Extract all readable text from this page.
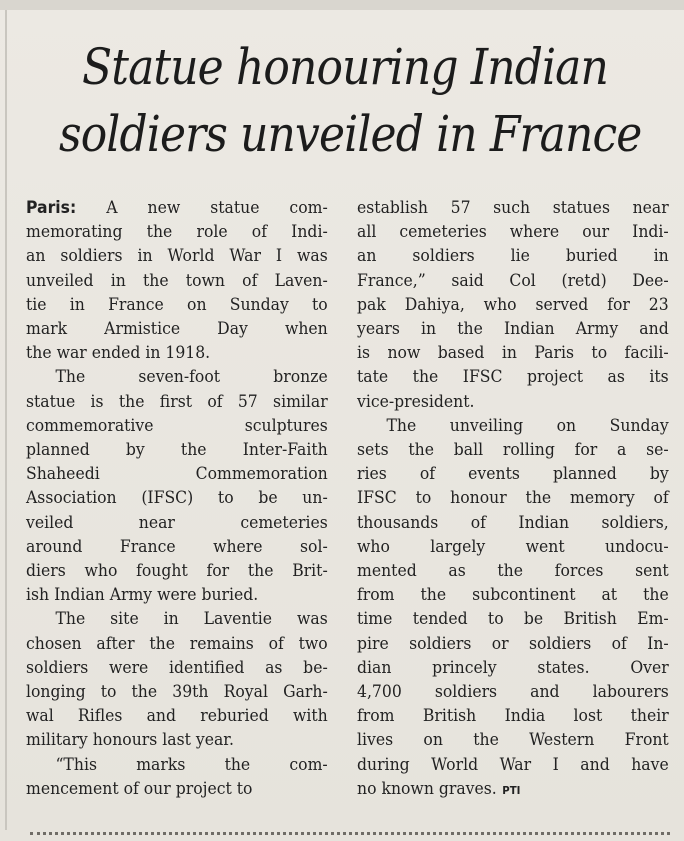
Statue honouring Indian
soldiers unveiled in France
Paris: A new statue com-
memorating the role of Indi-
an soldiers in World War I was
unveiled in the town of Laven-
tie in France on Sunday to
mark Armistice Day when
the war ended in 1918.
The seven-foot bronze
statue is the first of 57 similar
commemorative sculptures
planned by the Inter-Faith
Shaheedi Commemoration
Association (IFSC) to be un-
veiled near cemeteries
around France where sol-
diers who fought for the Brit-
ish Indian Army were buried.
The site in Laventie was
chosen after the remains of two
soldiers were identified as be-
longing to the 39th Royal Garh-
wal Rifles and reburied with
military honours last year.
“This marks the com-
mencement of our project to
establish 57 such statues near
all cemeteries where our Indi-
an soldiers lie buried in
France,” said Col (retd) Dee-
pak Dahiya, who served for 23
years in the Indian Army and
is now based in Paris to facili-
tate the IFSC project as its
vice-president.
The unveiling on Sunday
sets the ball rolling for a se-
ries of events planned by
IFSC to honour the memory of
thousands of Indian soldiers,
who largely went undocu-
mented as the forces sent
from the subcontinent at the
time tended to be British Em-
pire soldiers or soldiers of In-
dian princely states. Over
4,700 soldiers and labourers
from British India lost their
lives on the Western Front
during World War I and have
no known graves. PTI
